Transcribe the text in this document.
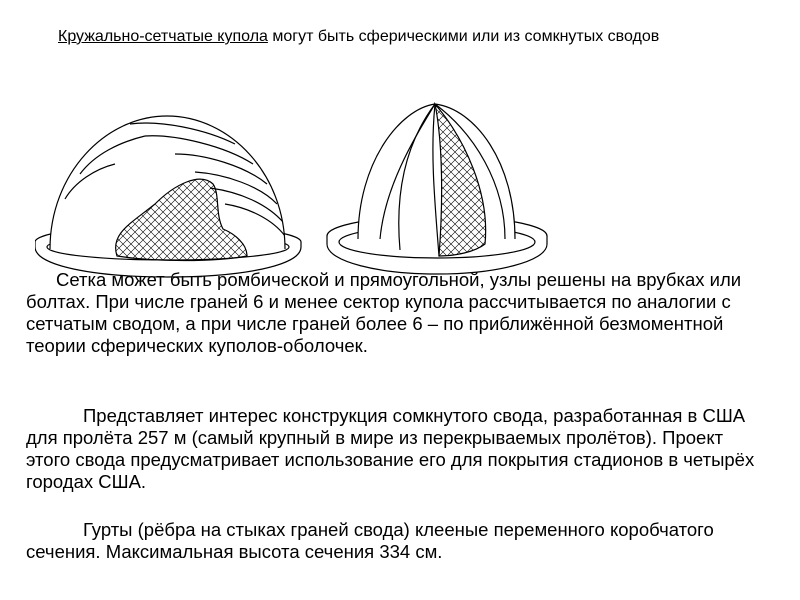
Кружально-сетчатые купола могут быть сферическими или из сомкнутых сводов
Сетка может быть ромбической и прямоугольной, узлы решены на врубках или болтах. При числе граней 6 и менее сектор купола рассчитывается по аналогии с сетчатым сводом, а при числе граней более 6 – по приближённой безмоментной теории сферических куполов-оболочек.
Представляет интерес конструкция сомкнутого свода, разработанная в США для пролёта 257 м (самый крупный в мире из перекрываемых пролётов). Проект этого свода предусматривает использование его для покрытия стадионов в четырёх городах США.
Гурты (рёбра на стыках граней свода) клееные переменного коробчатого сечения. Максимальная высота сечения 334 см.
